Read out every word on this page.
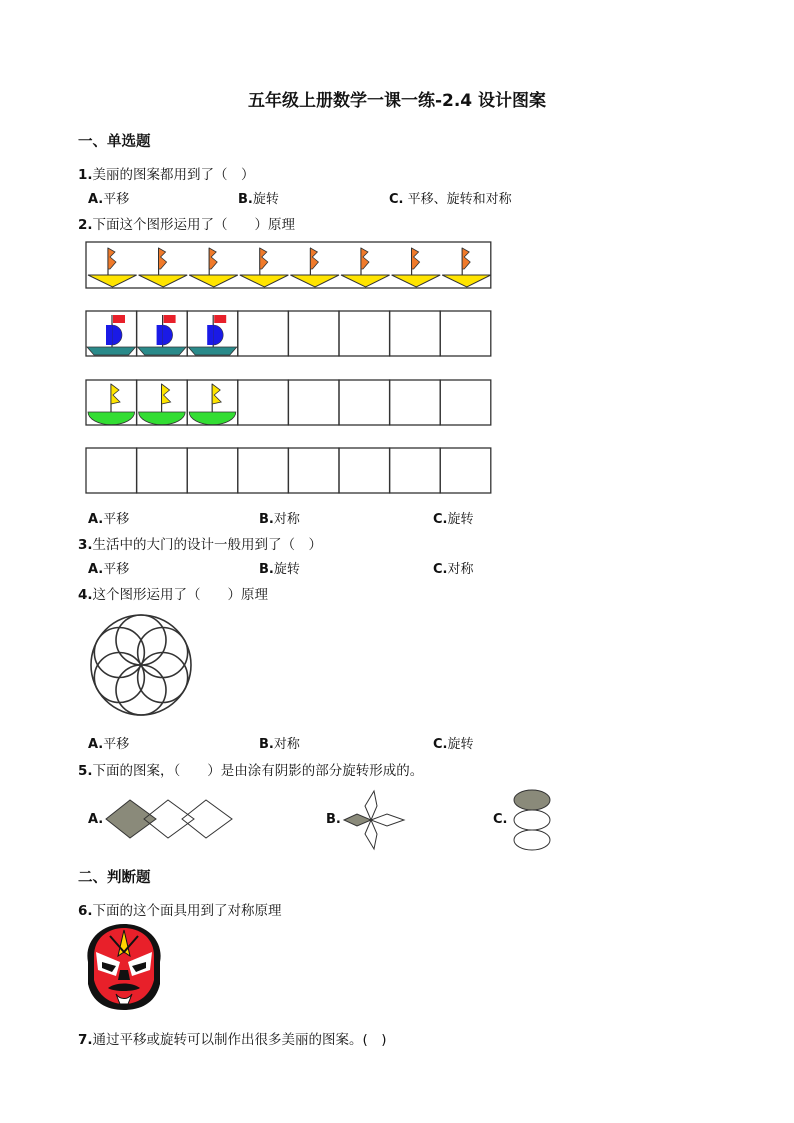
五年级上册数学一课一练-2.4 设计图案
一、单选题
1.美丽的图案都用到了（　）
A.平移	B.旋转	C. 平移、旋转和对称
2.下面这个图形运用了（　　）原理
A.平移	B.对称	C.旋转
3.生活中的大门的设计一般用到了（　）
A.平移	B.旋转	C.对称
4.这个图形运用了（　　）原理
A.平移	B.对称	C.旋转
5.下面的图案，（　　）是由涂有阴影的部分旋转形成的。
A.	B.	C.
二、判断题
6.下面的这个面具用到了对称原理
7.通过平移或旋转可以制作出很多美丽的图案。(　)
